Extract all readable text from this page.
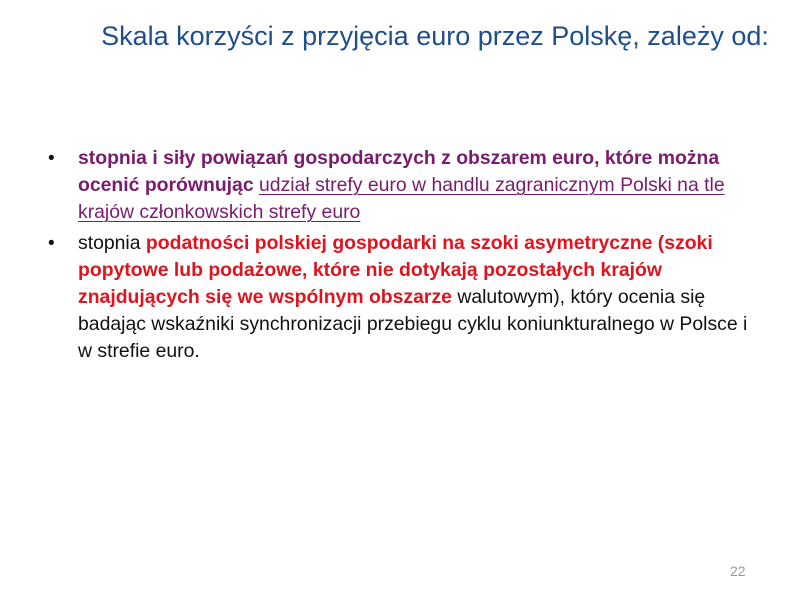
Skala korzyści z przyjęcia euro przez Polskę, zależy od:
• stopnia i siły powiązań gospodarczych z obszarem euro, które można ocenić porównując udział strefy euro w handlu zagranicznym Polski na tle krajów członkowskich strefy euro
• stopnia podatności polskiej gospodarki na szoki asymetryczne (szoki popytowe lub podażowe, które nie dotykają pozostałych krajów znajdujących się we wspólnym obszarze walutowym), który ocenia się badając wskaźniki synchronizacji przebiegu cyklu koniunkturalnego w Polsce i w strefie euro.
22
